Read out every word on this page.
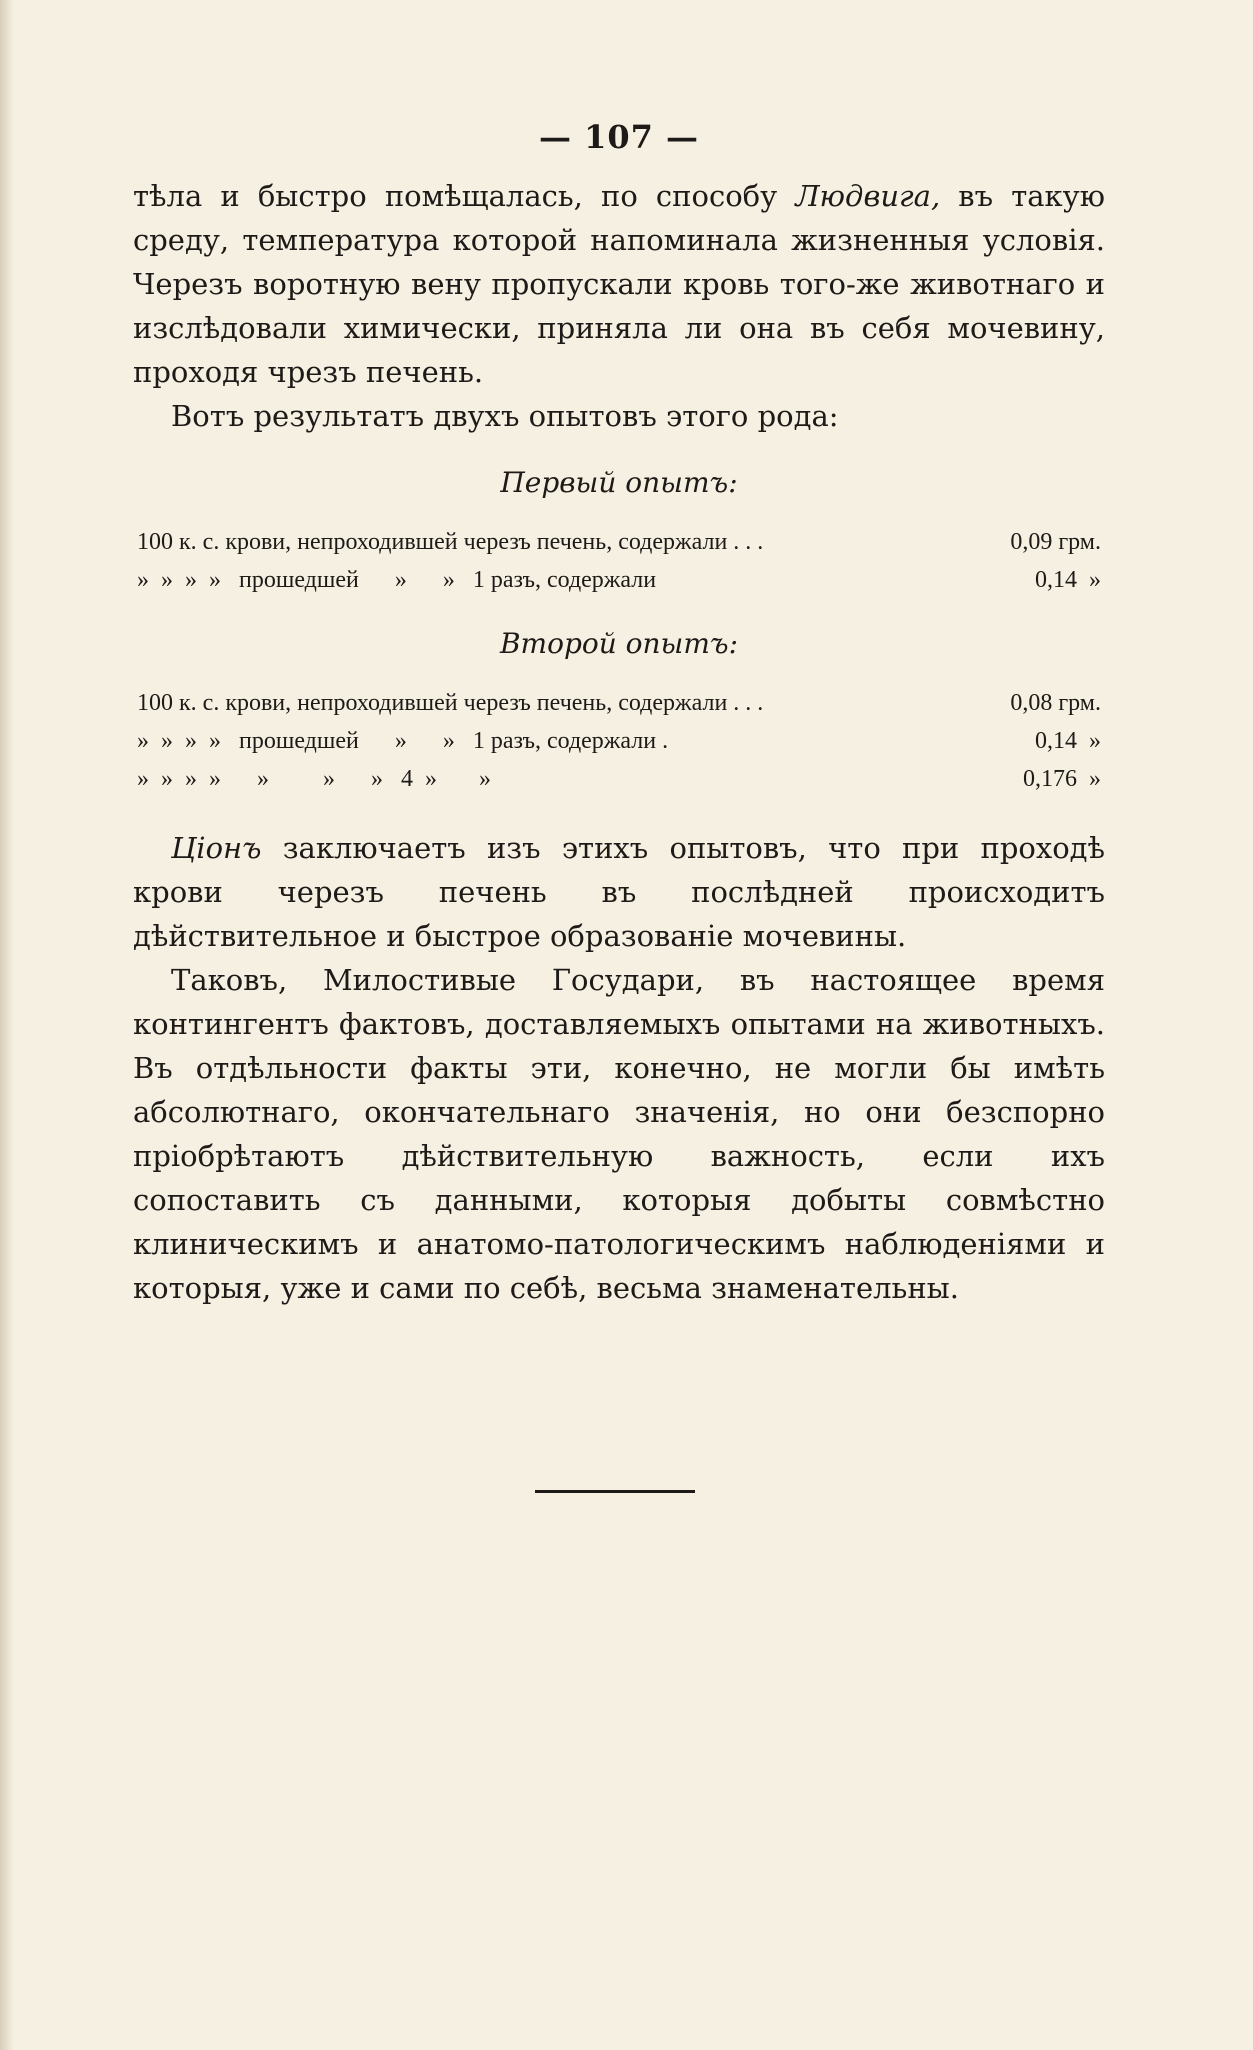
— 107 —

тѣла и быстро помѣщалась, по способу Людвига, въ такую среду, температура которой напоминала жизненныя условія. Черезъ воротную вену пропускали кровь того-же животнаго и изслѣдовали химически, приняла ли она въ себя мочевину, проходя чрезъ печень.

Вотъ результатъ двухъ опытовъ этого рода:

Первый опытъ:
100 к. с. крови, непроходившей черезъ печень, содержали . . .	0,09 грм.
»  »  »  »   прошедшей      »      »   1 разъ, содержали	0,14  »
Второй опытъ:
100 к. с. крови, непроходившей черезъ печень, содержали . . .	0,08 грм.
»  »  »  »   прошедшей      »      »   1 разъ, содержали .	0,14  »
»  »  »  »      »         »      »   4  »       »	0,176  »

Ціонъ заключаетъ изъ этихъ опытовъ, что при проходѣ крови черезъ печень въ послѣдней происходитъ дѣйствительное и быстрое образованіе мочевины.

Таковъ, Милостивые Государи, въ настоящее время контингентъ фактовъ, доставляемыхъ опытами на животныхъ. Въ отдѣльности факты эти, конечно, не могли бы имѣть абсолютнаго, окончательнаго значенія, но они безспорно пріобрѣтаютъ дѣйствительную важность, если ихъ сопоставить съ данными, которыя добыты совмѣстно клиническимъ и анатомо-патологическимъ наблюденіями и которыя, уже и сами по себѣ, весьма знаменательны.
